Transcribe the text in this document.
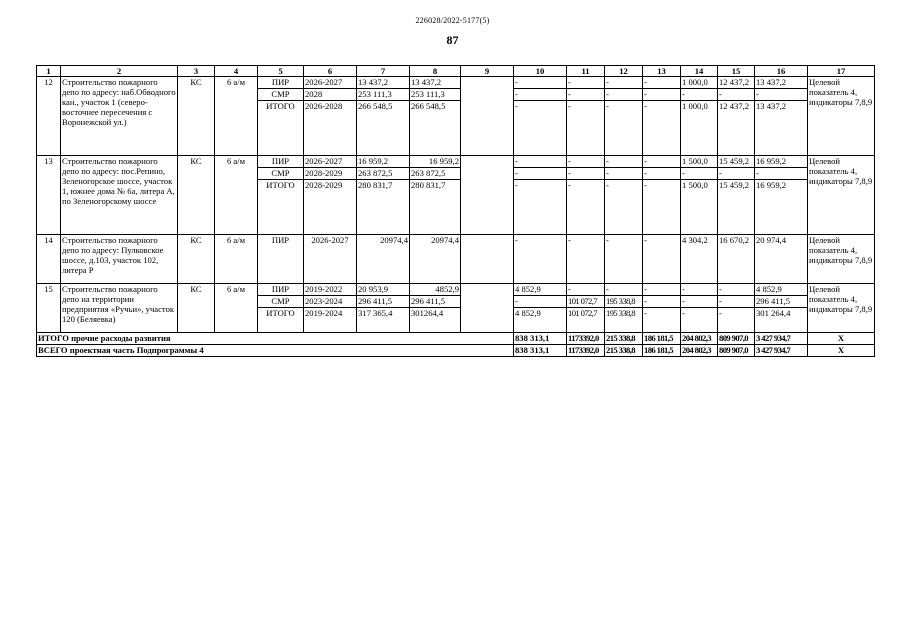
226028/2022-5177(5)
87
1	2	3	4	5	6	7	8	9	10	11	12	13	14	15	16	17
12	Строительство пожарного депо по адресу: наб.Обводного кан., участок 1 (северо-восточнее пересечения с Воронежской ул.)	КС	6 а/м	ПИР	2026-2027	13 437,2	13 437,2		-	-	-	-	1 000,0	12 437,2	13 437,2	Целевой показатель 4, индикаторы 7,8,9
				СМР	2028	253 111,3	253 111,3		-	-	-	-	-	-	-	
				ИТОГО	2026-2028	266 548,5	266 548,5		-	-	-	-	1 000,0	12 437,2	13 437,2	
13	Строительство пожарного депо по адресу: пос.Репино, Зеленогорское шоссе, участок 1, южнее дома № 6а, литера А, по Зеленогорскому шоссе	КС	6 а/м	ПИР	2026-2027	16 959,2	16 959,2		-	-	-	-	1 500,0	15 459,2	16 959,2	Целевой показатель 4, индикаторы 7,8,9
				СМР	2028-2029	263 872,5	263 872,5		-	-	-	-	-	-	-	
				ИТОГО	2028-2029	280 831,7	280 831,7		-	-	-	-	1 500,0	15 459,2	16 959,2	
14	Строительство пожарного депо по адресу: Пулковское шоссе, д.103, участок 102, литера Р	КС	6 а/м	ПИР	2026-2027	20974,4	20974,4		-	-	-	-	4 304,2	16 670,2	20 974,4	Целевой показатель 4, индикаторы 7,8,9
15	Строительство пожарного депо на территории предприятия «Ручьи», участок 120 (Беляевка)	КС	6 а/м	ПИР	2019-2022	20 953,9	4852,9		4 852,9	-	-	-	-	-	4 852,9	Целевой показатель 4, индикаторы 7,8,9
				СМР	2023-2024	296 411,5	296 411,5		-	101 072,7	195 338,8	-	-	-	296 411,5	
				ИТОГО	2019-2024	317 365,4	301264,4		4 852,9	101 072,7	195 338,8	-	-	-	301 264,4	
ИТОГО прочие расходы развития									838 313,1	1173392,0	215 338,8	186 181,5	204 802,3	809 907,0	3 427 934,7	Х
ВСЕГО проектная часть Подпрограммы 4									838 313,1	1173392,0	215 338,8	186 181,5	204 802,3	809 907,0	3 427 934,7	Х
